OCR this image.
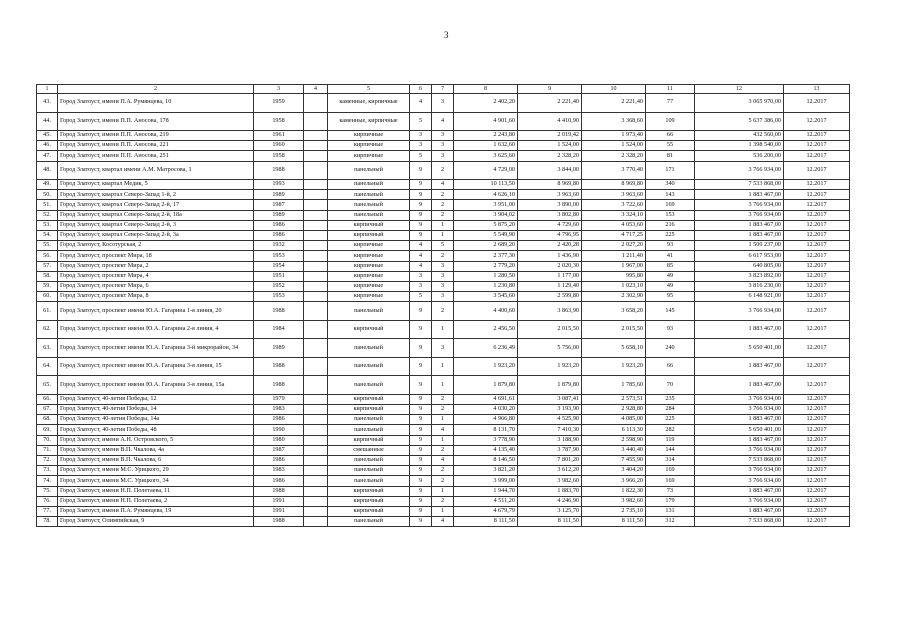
3
1	2	3	4	5	6	7	8	9	10	11	12	13
43.	Город Златоуст, имени П.А. Румянцева, 10	1959		каменные, кирпичные	4	3	2 402,20	2 221,40	2 221,40	77	3 065 970,00	12.2017
44.	Город Златоуст, имени П.П. Аносова, 178	1958		каменные, кирпичные	5	4	4 901,60	4 410,90	3 368,60	109	5 637 386,00	12.2017
45.	Город Златоуст, имени П.П. Аносова, 219	1961		кирпичные	3	3	2 243,80	2 019,42	1 973,40	66	432 560,00	12.2017
46.	Город Златоуст, имени П.П. Аносова, 221	1960		кирпичные	3	3	1 632,60	1 524,00	1 524,00	55	1 398 540,00	12.2017
47.	Город Златоуст, имени П.П. Аносова, 251	1958		кирпичные	5	3	3 625,60	2 328,20	2 328,20	81	536 200,00	12.2017
48.	Город Златоуст, квартал имени А.М. Матросова, 1	1988		панельный	9	2	4 729,00	3 844,00	3 770,40	171	3 766 934,00	12.2017
49.	Город Златоуст, квартал Медик, 5	1993		панельный	9	4	10 113,50	8 969,80	8 969,80	340	7 533 868,00	12.2017
50.	Город Златоуст, квартал Северо-Запад 1-й, 2	1989		панельный	9	2	4 626,10	3 963,60	3 963,60	143	1 883 467,00	12.2017
51.	Город Златоуст, квартал Северо-Запад 2-й, 17	1987		панельный	9	2	3 951,00	3 890,00	3 722,60	169	3 766 934,00	12.2017
52.	Город Златоуст, квартал Северо-Запад 2-й, 18а	1989		панельный	9	2	3 904,02	3 802,80	3 324,10	153	3 766 934,00	12.2017
53.	Город Златоуст, квартал Северо-Запад 2-й, 3	1986		кирпичный	9	1	5 875,20	4 729,60	4 053,60	216	1 883 467,00	12.2017
54.	Город Златоуст, квартал Северо-Запад 2-й, 3а	1986		кирпичный	9	1	5 549,90	4 796,95	4 717,25	225	1 883 467,00	12.2017
55.	Город Златоуст, Косотурская, 2	1932		кирпичные	4	5	2 689,20	2 420,28	2 027,20	93	1 500 237,00	12.2017
56.	Город Златоуст, проспект Мира, 18	1953		кирпичные	4	2	2 377,30	1 436,90	1 211,40	41	6 617 953,00	12.2017
57.	Город Златоуст, проспект Мира, 2	1954		кирпичные	4	3	2 779,20	2 020,30	1 967,00	85	640 805,00	12.2017
58.	Город Златоуст, проспект Мира, 4	1951		кирпичные	3	3	1 280,50	1 177,00	995,80	49	3 823 892,00	12.2017
59.	Город Златоуст, проспект Мира, 6	1952		кирпичные	3	3	1 230,80	1 129,40	1 023,10	49	3 816 230,00	12.2017
60.	Город Златоуст, проспект Мира, 8	1953		кирпичные	5	3	3 545,60	2 599,80	2 302,90	95	6 148 921,00	12.2017
61.	Город Златоуст, проспект имени Ю.А. Гагарина 1-я линия, 20	1988		панельный	9	2	4 400,60	3 863,90	3 658,20	145	3 766 934,00	12.2017
62.	Город Златоуст, проспект имени Ю.А. Гагарина 2-я линия, 4	1984		кирпичный	9	1	2 456,50	2 015,50	2 015,50	93	1 883 467,00	12.2017
63.	Город Златоуст, проспект имени Ю.А. Гагарина 3-й микрорайон, 34	1989		панельный	9	3	6 236,49	5 756,00	5 658,10	240	5 650 401,00	12.2017
64.	Город Златоуст, проспект имени Ю.А. Гагарина 3-я линия, 15	1988		панельный	9	1	1 923,20	1 923,20	1 923,20	66	1 883 467,00	12.2017
65.	Город Златоуст, проспект имени Ю.А. Гагарина 3-я линия, 15а	1988		панельный	9	1	1 879,80	1 879,80	1 785,60	70	1 883 467,00	12.2017
66.	Город Златоуст, 40-летия Победы, 12	1979		кирпичный	9	2	4 691,61	3 087,41	2 573,51	235	3 766 934,00	12.2017
67.	Город Златоуст, 40-летия Победы, 14	1983		кирпичный	9	2	4 030,20	3 193,90	2 928,80	284	3 766 934,00	12.2017
68.	Город Златоуст, 40-летия Победы, 14а	1986		панельный	9	1	4 966,80	4 525,90	4 085,00	225	1 883 467,00	12.2017
69.	Город Златоуст, 40-летия Победы, 48	1990		панельный	9	4	8 131,70	7 410,30	6 113,30	282	5 650 401,00	12.2017
70.	Город Златоуст, имени А.Н. Островского, 5	1980		кирпичный	9	1	3 778,90	3 188,90	2 598,90	119	1 883 467,00	12.2017
71.	Город Златоуст, имени В.П. Чкалова, 4а	1987		смешанные	9	2	4 135,40	3 787,90	3 440,40	144	3 766 934,00	12.2017
72.	Город Златоуст, имени В.П. Чкалова, 6	1986		панельный	9	4	8 146,50	7 801,20	7 455,90	314	7 533 868,00	12.2017
73.	Город Златоуст, имени М.С. Урицкого, 29	1983		панельный	9	2	3 821,20	3 612,20	3 404,20	169	3 766 934,00	12.2017
74.	Город Златоуст, имени М.С. Урицкого, 34	1986		панельный	9	2	3 999,00	3 982,60	3 966,20	169	3 766 934,00	12.2017
75.	Город Златоуст, имени Н.П. Полетаева, 11	1988		кирпичный	9	1	1 944,70	1 883,70	1 822,30	73	1 883 467,00	12.2017
76.	Город Златоуст, имени Н.П. Полетаева, 2	1991		кирпичный	9	2	4 511,20	4 246,90	3 982,60	179	3 766 934,00	12.2017
77.	Город Златоуст, имени П.А. Румянцева, 19	1991		кирпичный	9	1	4 679,79	3 125,70	2 735,10	131	1 883 467,00	12.2017
78.	Город Златоуст, Олимпийская, 9	1988		панельный	9	4	8 111,50	8 111,50	8 111,50	312	7 533 868,00	12.2017
